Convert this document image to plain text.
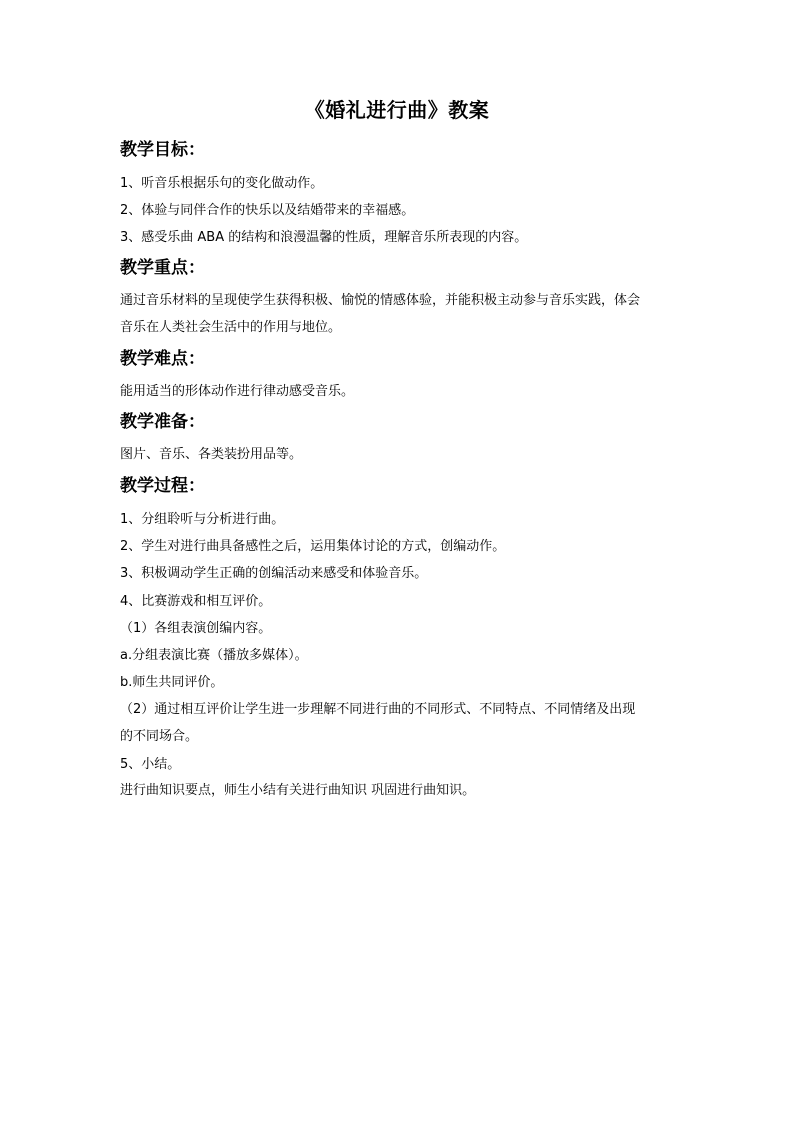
《婚礼进行曲》教案
教学目标：
1、听音乐根据乐句的变化做动作。
2、体验与同伴合作的快乐以及结婚带来的幸福感。
3、感受乐曲 ABA 的结构和浪漫温馨的性质，理解音乐所表现的内容。
教学重点：
通过音乐材料的呈现使学生获得积极、愉悦的情感体验，并能积极主动参与音乐实践，体会
音乐在人类社会生活中的作用与地位。
教学难点：
能用适当的形体动作进行律动感受音乐。
教学准备：
图片、音乐、各类装扮用品等。
教学过程：
1、分组聆听与分析进行曲。
2、学生对进行曲具备感性之后，运用集体讨论的方式，创编动作。
3、积极调动学生正确的创编活动来感受和体验音乐。
4、比赛游戏和相互评价。
（1）各组表演创编内容。
a.分组表演比赛（播放多媒体）。
b.师生共同评价。
（2）通过相互评价让学生进一步理解不同进行曲的不同形式、不同特点、不同情绪及出现
的不同场合。
5、小结。
进行曲知识要点，师生小结有关进行曲知识 巩固进行曲知识。
